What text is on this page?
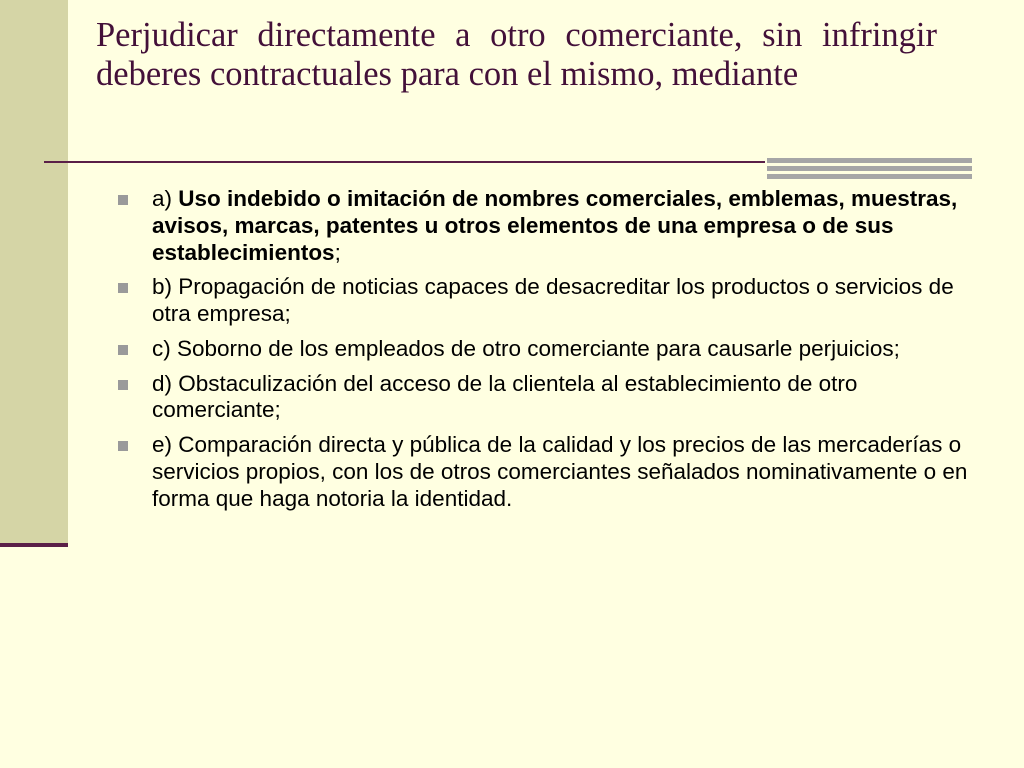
Perjudicar directamente a otro comerciante, sin infringir deberes contractuales para con el mismo, mediante
a) Uso indebido o imitación de nombres comerciales, emblemas, muestras, avisos, marcas, patentes u otros elementos de una empresa o de sus establecimientos;
b) Propagación de noticias capaces de desacreditar los productos o servicios de otra empresa;
c) Soborno de los empleados de otro comerciante para causarle perjuicios;
d) Obstaculización del acceso de la clientela al establecimiento de otro comerciante;
e) Comparación directa y pública de la calidad y los precios de las mercaderías o servicios propios, con los de otros comerciantes señalados nominativamente o en forma que haga notoria la identidad.
